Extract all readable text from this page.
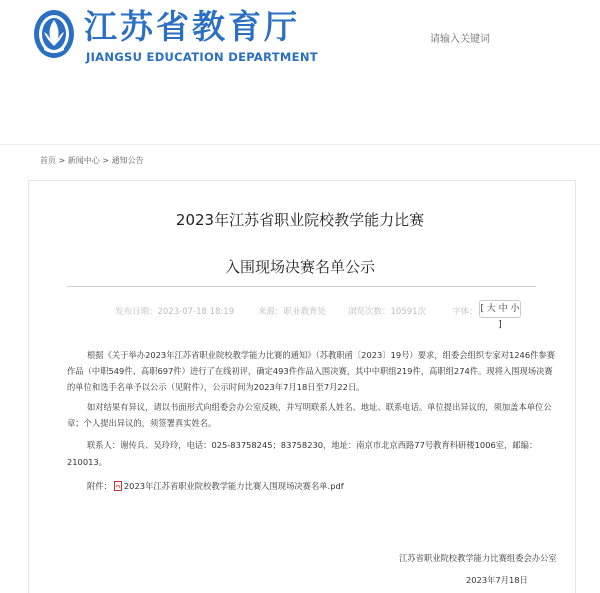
江苏省教育厅
JIANGSU EDUCATION DEPARTMENT
请输入关键词
首页 > 新闻中心 > 通知公告
2023年江苏省职业院校教学能力比赛
入围现场决赛名单公示
发布日期：2023-07-18 18:19	来源：职业教育处	浏览次数：10591次	字体： [ 大 中 小 ]
根据《关于举办2023年江苏省职业院校教学能力比赛的通知》（苏教职函〔2023〕19号）要求，组委会组织专家对1246件参赛
作品（中职549件、高职697件）进行了在线初评，确定493件作品入围决赛，其中中职组219件，高职组274件。现将入围现场决赛
的单位和选手名单予以公示（见附件），公示时间为2023年7月18日至7月22日。
如对结果有异议，请以书面形式向组委会办公室反映，并写明联系人姓名、地址、联系电话。单位提出异议的，须加盖本单位公
章；个人提出异议的，须签署真实姓名。
联系人：谢传兵、吴玲玲，电话：025-83758245；83758230，地址：南京市北京西路77号教育科研楼1006室，邮编：
210013。
附件： 2023年江苏省职业院校教学能力比赛入围现场决赛名单.pdf
江苏省职业院校教学能力比赛组委会办公室
2023年7月18日
